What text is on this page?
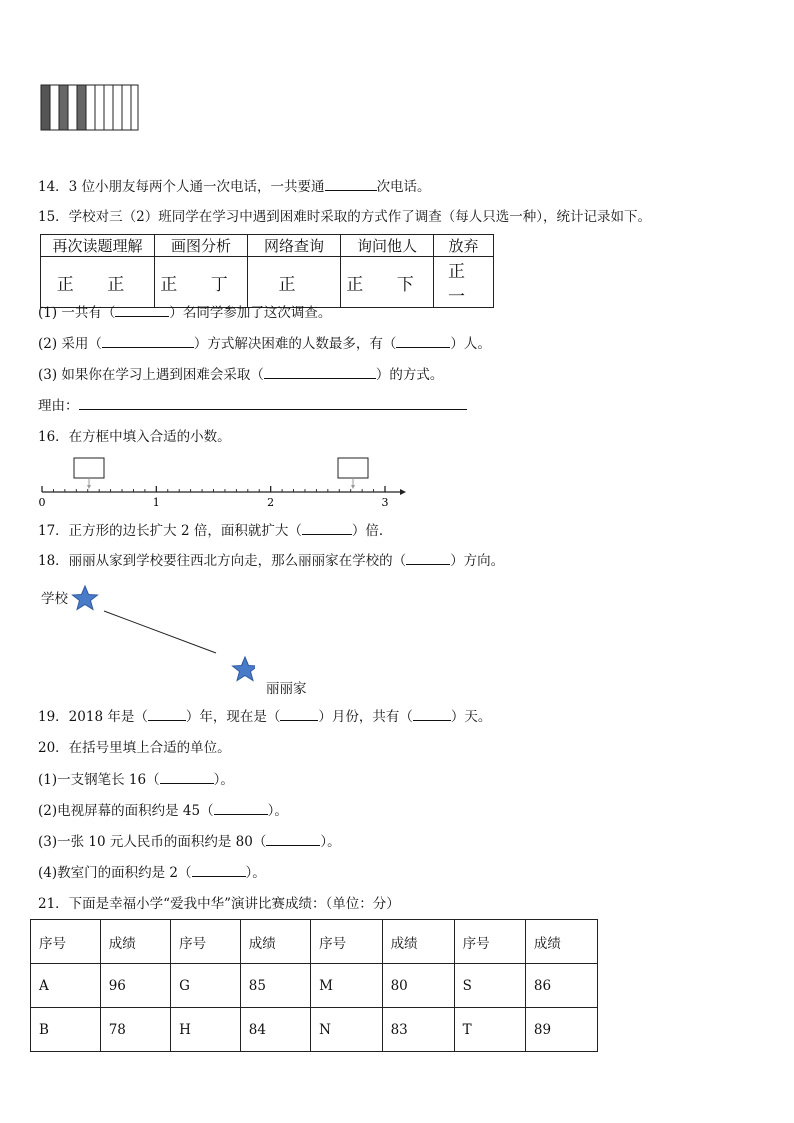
14．3 位小朋友每两个人通一次电话，一共要通	次电话。
15．学校对三（2）班同学在学习中遇到困难时采取的方式作了调查（每人只选一种），统计记录如下。
再次读题理解	画图分析	网络查询	询问他人	放弃
正 正	正 丁	正	正 下	正 一
(1) 一共有（	）名同学参加了这次调查。
(2) 采用（	）方式解决困难的人数最多，有（	）人。
(3) 如果你在学习上遇到困难会采取（	）的方式。
理由：
16．在方框中填入合适的小数。
0	1	2	3
17．正方形的边长扩大 2 倍，面积就扩大（	）倍．
18．丽丽从家到学校要往西北方向走，那么丽丽家在学校的（	）方向。
学校
丽丽家
19．2018 年是（	）年，现在是（	）月份，共有（	）天。
20．在括号里填上合适的单位。
(1)一支钢笔长 16（	）。
(2)电视屏幕的面积约是 45（	）。
(3)一张 10 元人民币的面积约是 80（	）。
(4)教室门的面积约是 2（	）。
21．下面是幸福小学“爱我中华”演讲比赛成绩：（单位：分）
序号	成绩	序号	成绩	序号	成绩	序号	成绩
A	96	G	85	M	80	S	86
B	78	H	84	N	83	T	89
